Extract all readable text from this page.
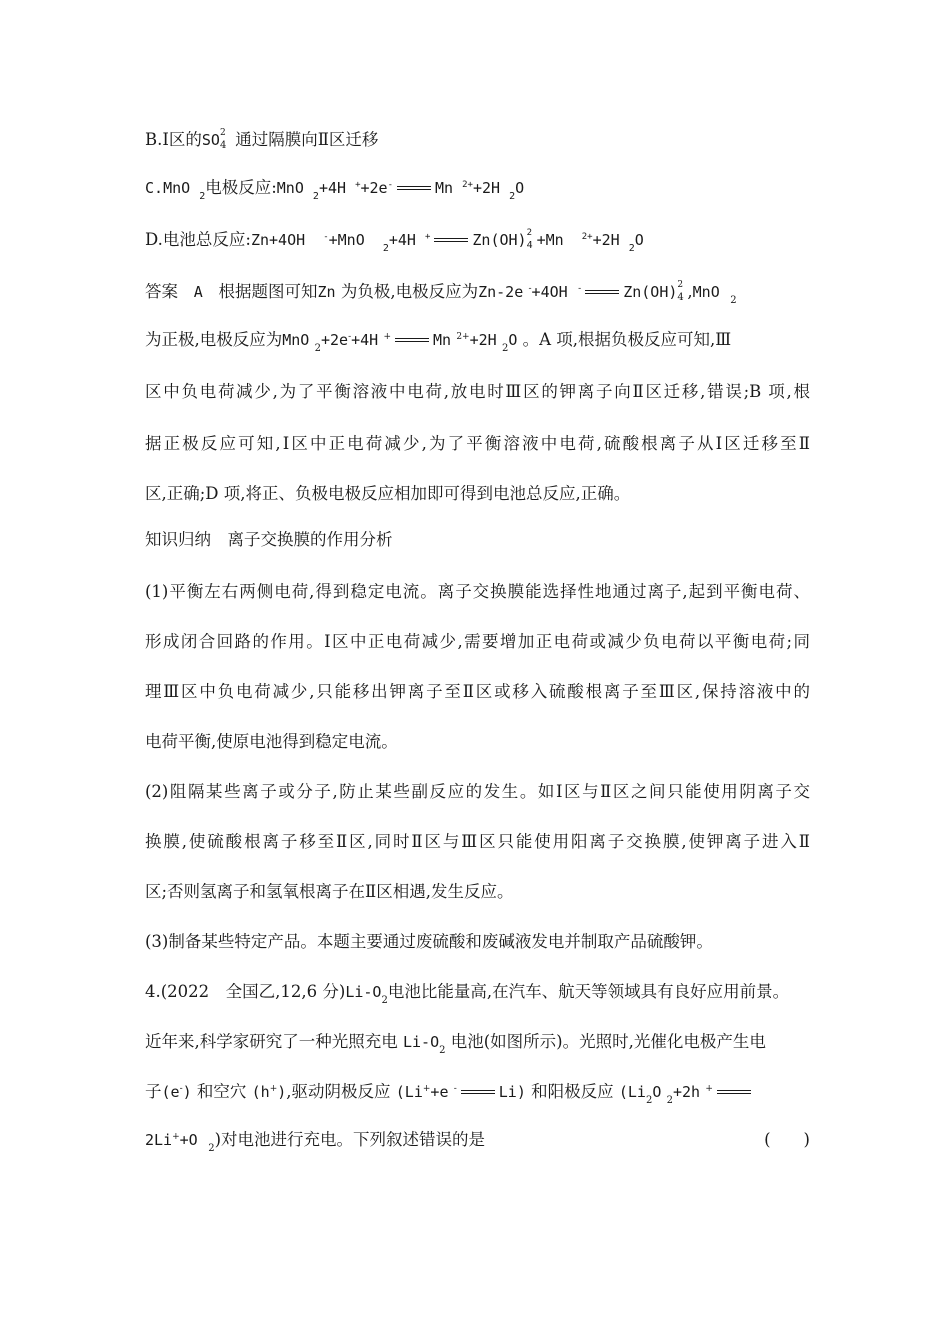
B.Ⅰ区的SO 2
4 通过隔膜向Ⅱ区迁移
C.MnO $_2$电极反应:MnO $_2$+4H ++2e-	Mn $^{2+}$+2H $_2$O
D.电池总反应:Zn+4OH -+MnO $_2$+4H +	Zn(OH) 2
4 +Mn $^{2+}$+2H $_2$O
答案 A 根据题图可知Zn 为负极,电极反应为Zn-2e -+4OH -	Zn(OH) 2
4 ,MnO $_2$
为正极,电极反应为MnO $_2$+2e-+4H +	Mn $^{2+}$+2H $_2$O 。A 项,根据负极反应可知,Ⅲ
区中负电荷减少,为了平衡溶液中电荷,放电时Ⅲ区的钾离子向Ⅱ区迁移,错误;B 项,根
据正极反应可知,Ⅰ区中正电荷减少,为了平衡溶液中电荷,硫酸根离子从Ⅰ区迁移至Ⅱ
区,正确;D 项,将正、负极电极反应相加即可得到电池总反应,正确。
知识归纳　离子交换膜的作用分析
(1)平衡左右两侧电荷,得到稳定电流。离子交换膜能选择性地通过离子,起到平衡电荷、
形成闭合回路的作用。Ⅰ区中正电荷减少,需要增加正电荷或减少负电荷以平衡电荷;同
理Ⅲ区中负电荷减少,只能移出钾离子至Ⅱ区或移入硫酸根离子至Ⅲ区,保持溶液中的
电荷平衡,使原电池得到稳定电流。
(2)阻隔某些离子或分子,防止某些副反应的发生。如Ⅰ区与Ⅱ区之间只能使用阴离子交
换膜,使硫酸根离子移至Ⅱ区,同时Ⅱ区与Ⅲ区只能使用阳离子交换膜,使钾离子进入Ⅱ
区;否则氢离子和氢氧根离子在Ⅱ区相遇,发生反应。
(3)制备某些特定产品。本题主要通过废硫酸和废碱液发电并制取产品硫酸钾。
4.(2022　全国乙,12,6 分)$Li-O_2$电池比能量高,在汽车、航天等领域具有良好应用前景。
近年来,科学家研究了一种光照充电 $Li-O_2$ 电池(如图所示)。光照时,光催化电极产生电
子(e-) 和空穴 (h+),驱动阴极反应 (Li++e -	Li) 和阳极反应 ($Li_2O$ $_2$+2h +
2Li++O $_2$)对电池进行充电。下列叙述错误的是	(　　)
